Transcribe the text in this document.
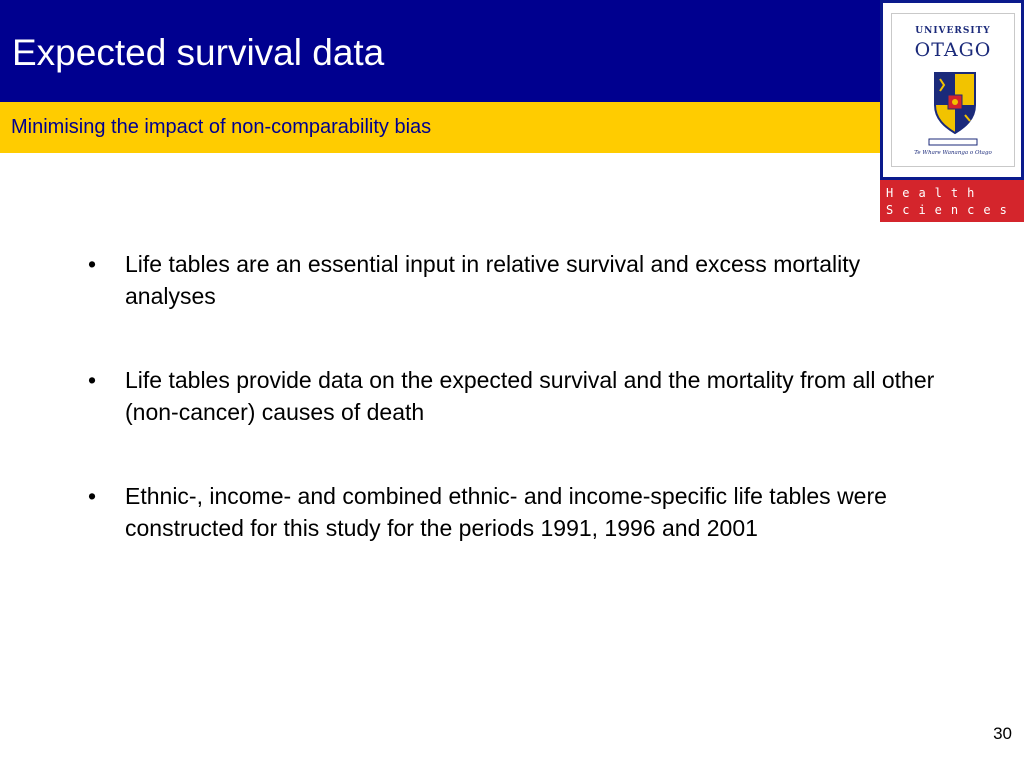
Expected survival data
Minimising the impact of non-comparability bias
UNIVERSITY
OTAGO
Te Whare Wananga o Otago

Health

Sciences

•	Life tables are an essential input in relative survival and excess mortality analyses
•	Life tables provide data on the expected survival and the mortality from all other (non-cancer) causes of death
•	Ethnic-, income- and combined ethnic- and income-specific life tables were constructed for this study for the periods 1991, 1996 and 2001
30
